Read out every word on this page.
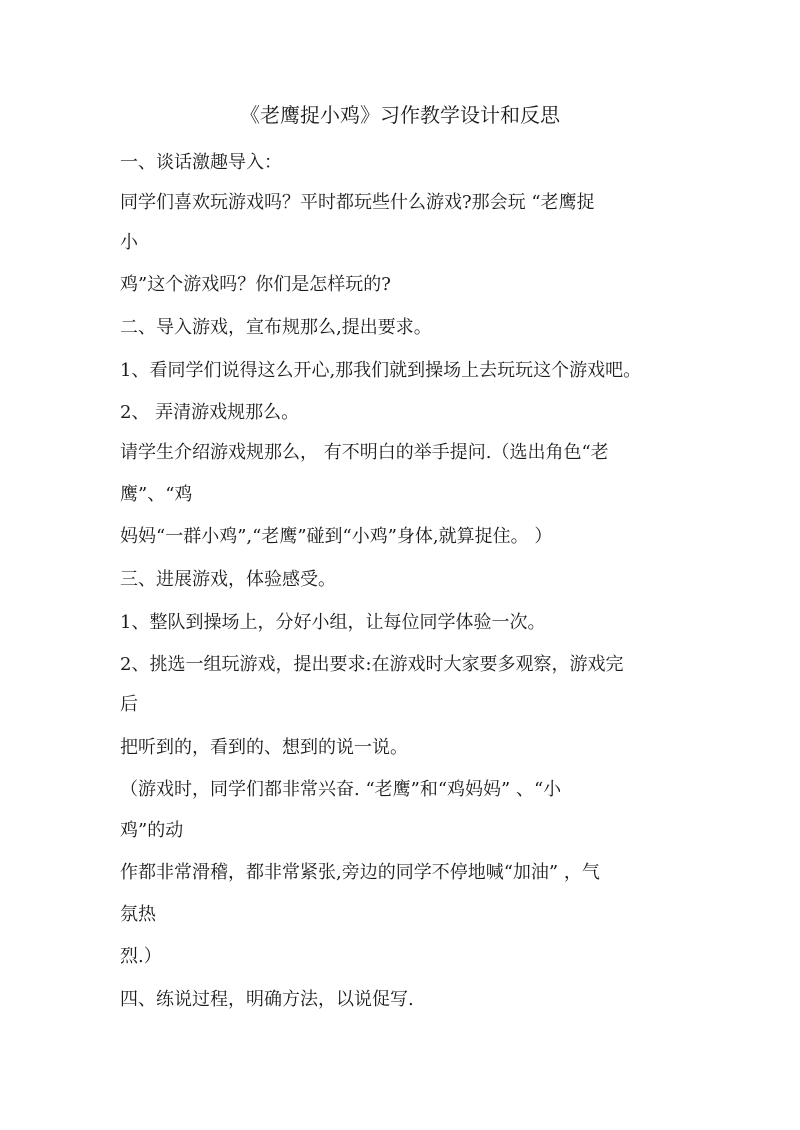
《老鹰捉小鸡》习作教学设计和反思
一、谈话激趣导入：
同学们喜欢玩游戏吗？平时都玩些什么游戏?那会玩 “老鹰捉
小
鸡”这个游戏吗？你们是怎样玩的?
二、导入游戏，宣布规那么,提出要求。
1、看同学们说得这么开心,那我们就到操场上去玩玩这个游戏吧。
2、 弄清游戏规那么。
请学生介绍游戏规那么， 有不明白的举手提问.（选出角色“老
鹰”、“鸡
妈妈“一群小鸡”,“老鹰”碰到“小鸡”身体,就算捉住。 ）
三、进展游戏，体验感受。
1、整队到操场上，分好小组，让每位同学体验一次。
2、挑选一组玩游戏，提出要求:在游戏时大家要多观察，游戏完
后
把听到的，看到的、想到的说一说。
（游戏时，同学们都非常兴奋. “老鹰”和“鸡妈妈” 、“小
鸡”的动
作都非常滑稽，都非常紧张,旁边的同学不停地喊“加油” ，气
氛热
烈.）
四、练说过程，明确方法，以说促写.
